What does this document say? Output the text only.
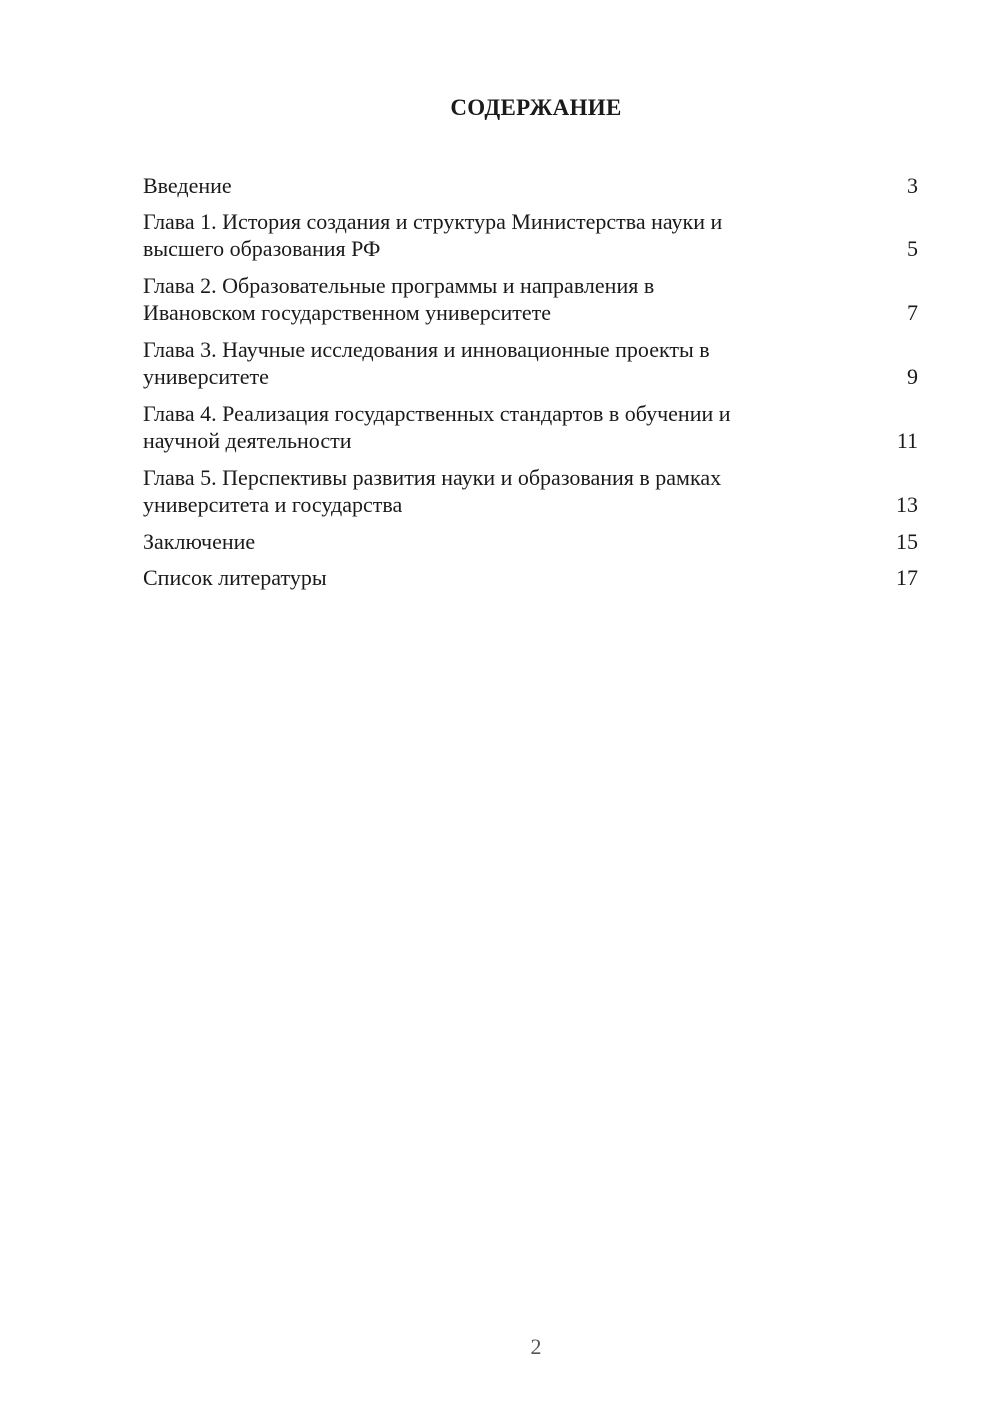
СОДЕРЖАНИЕ
Введение	3
Глава 1. История создания и структура Министерства науки и
высшего образования РФ	5
Глава 2. Образовательные программы и направления в
Ивановском государственном университете	7
Глава 3. Научные исследования и инновационные проекты в
университете	9
Глава 4. Реализация государственных стандартов в обучении и
научной деятельности	11
Глава 5. Перспективы развития науки и образования в рамках
университета и государства	13
Заключение	15
Список литературы	17
2
